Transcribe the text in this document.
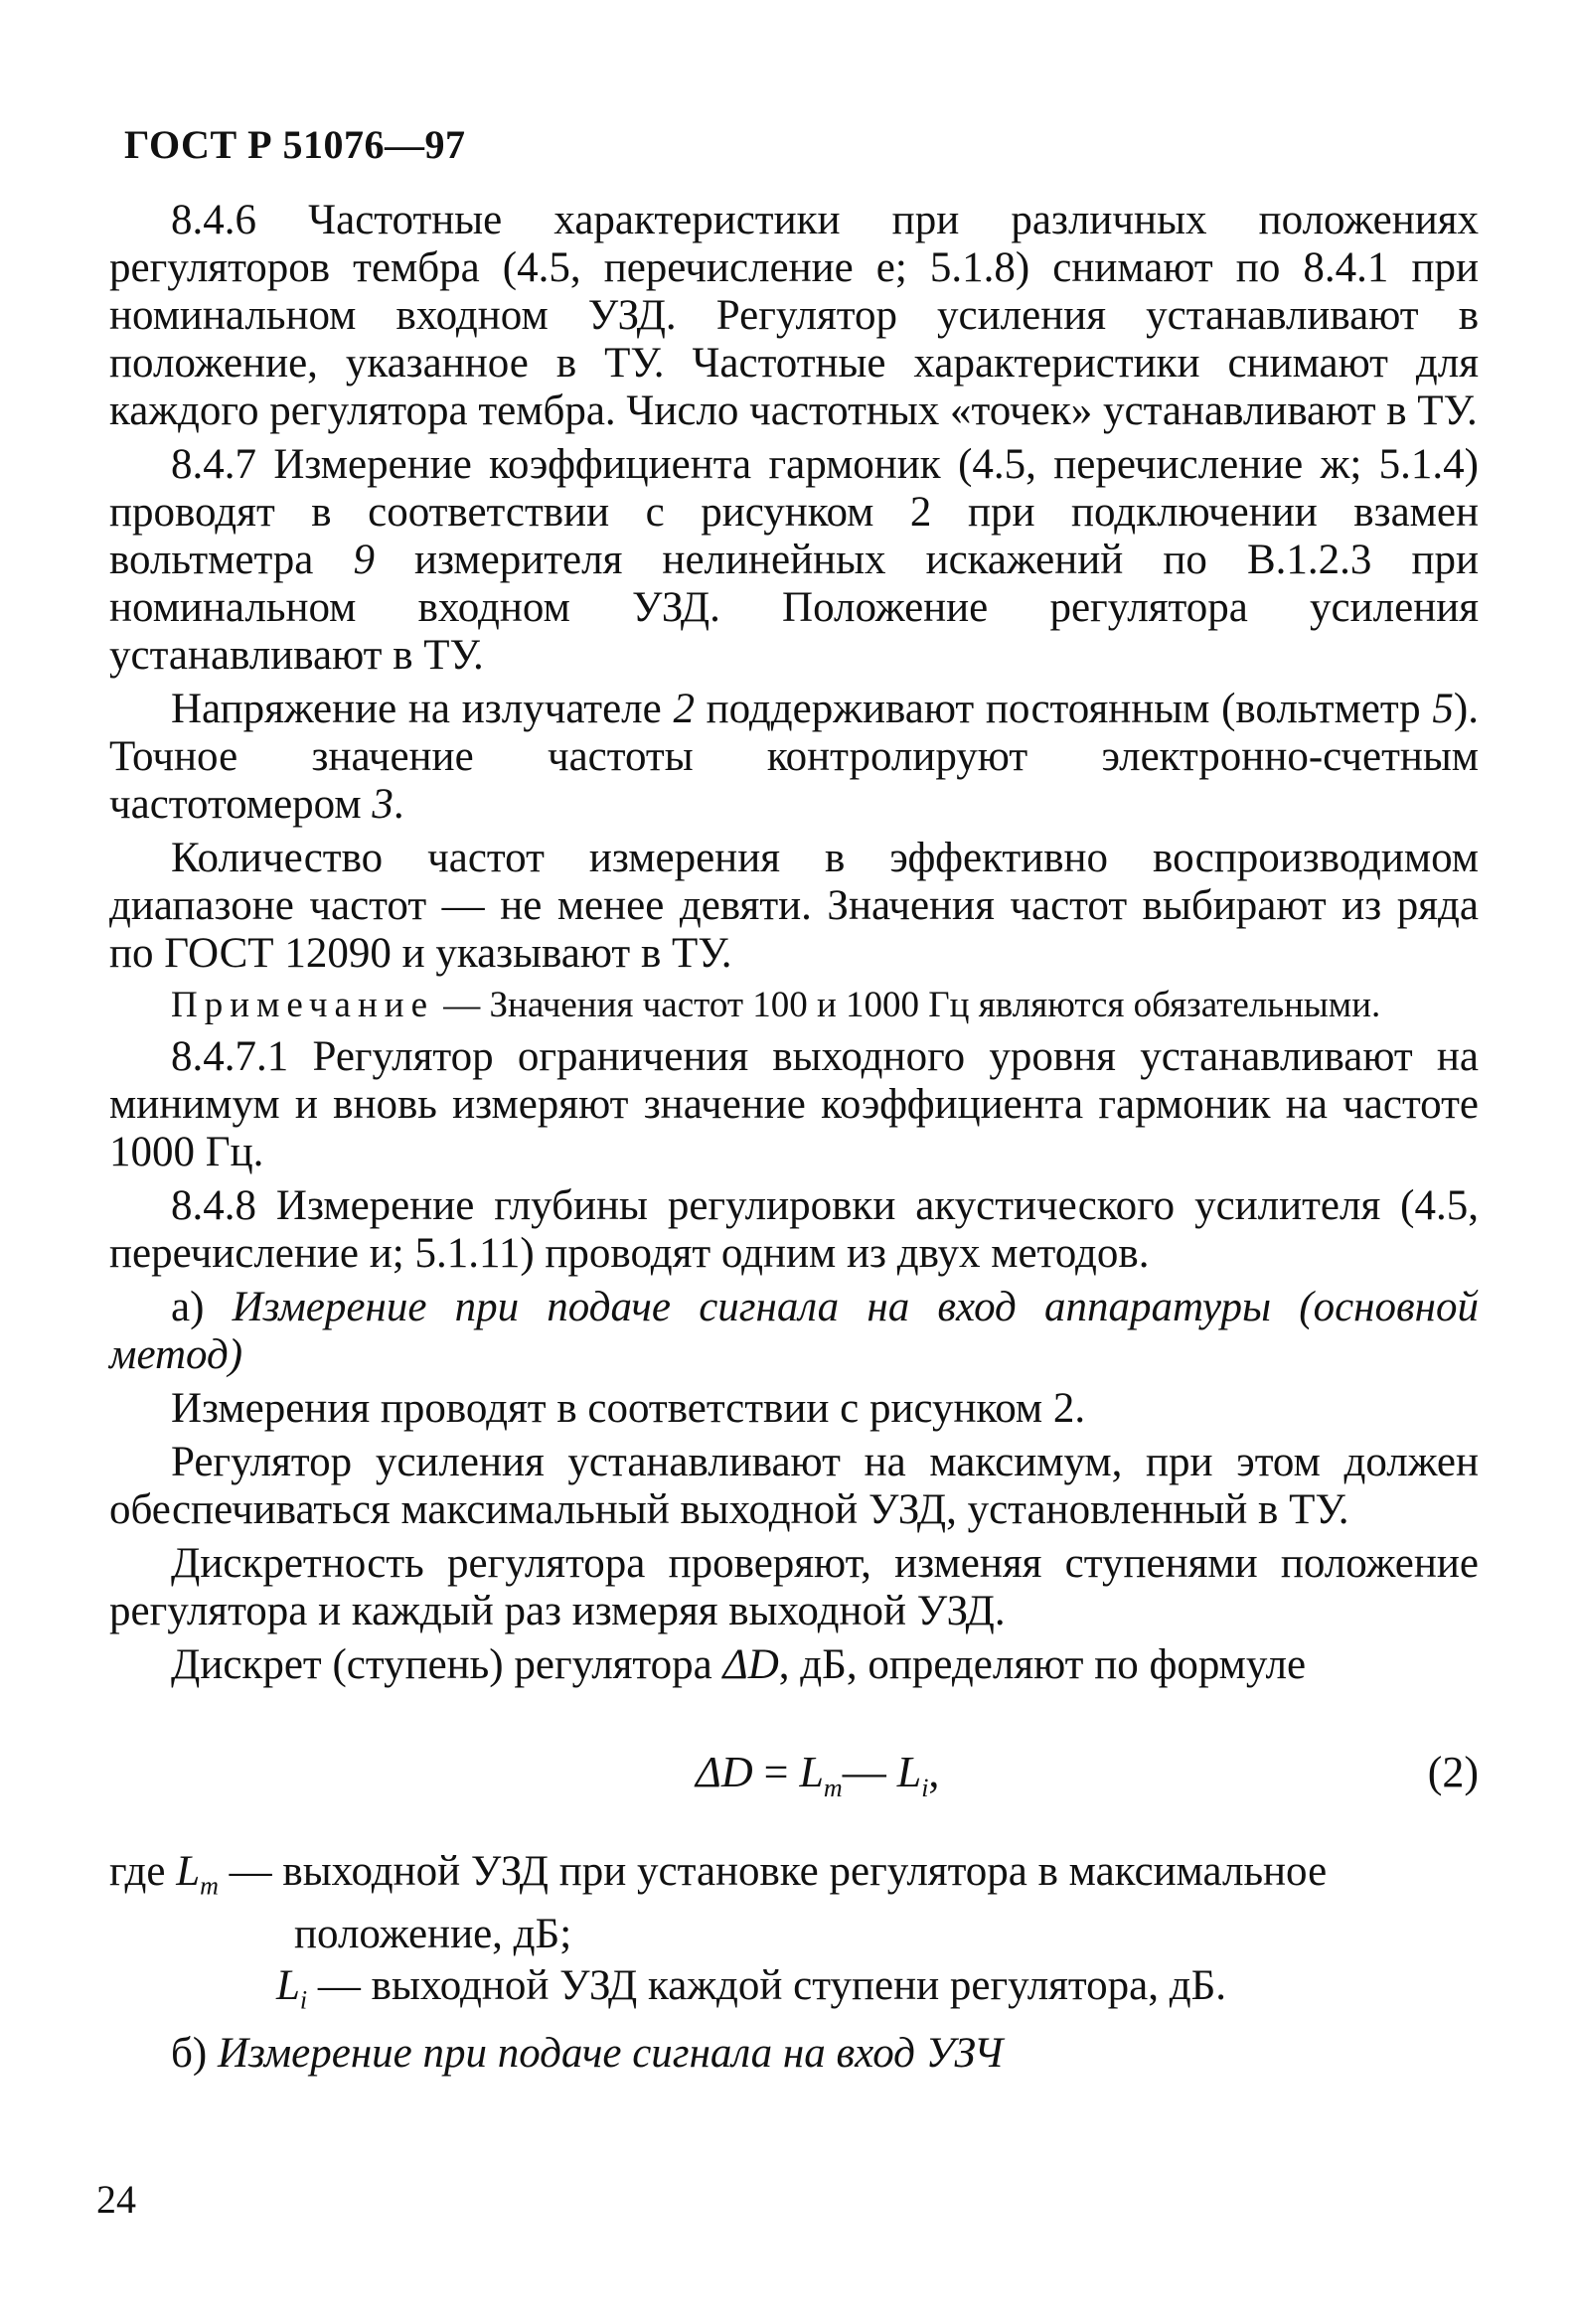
ГОСТ Р 51076—97

8.4.6 Частотные характеристики при различных положениях регуляторов тембра (4.5, перечисление е; 5.1.8) снимают по 8.4.1 при номинальном входном УЗД. Регулятор усиления устанавливают в положение, указанное в ТУ. Частотные характеристики снимают для каждого регулятора тембра. Число частотных «точек» устанавливают в ТУ.

8.4.7 Измерение коэффициента гармоник (4.5, перечисление ж; 5.1.4) проводят в соответствии с рисунком 2 при подключении взамен вольтметра 9 измерителя нелинейных искажений по В.1.2.3 при номинальном входном УЗД. Положение регулятора усиления устанавливают в ТУ.

Напряжение на излучателе 2 поддерживают постоянным (вольтметр 5). Точное значение частоты контролируют электронно-счетным частотомером 3.

Количество частот измерения в эффективно воспроизводимом диапазоне частот — не менее девяти. Значения частот выбирают из ряда по ГОСТ 12090 и указывают в ТУ.

Примечание — Значения частот 100 и 1000 Гц являются обязательными.

8.4.7.1 Регулятор ограничения выходного уровня устанавливают на минимум и вновь измеряют значение коэффициента гармоник на частоте 1000 Гц.

8.4.8 Измерение глубины регулировки акустического усилителя (4.5, перечисление и; 5.1.11) проводят одним из двух методов.

а) Измерение при подаче сигнала на вход аппаратуры (основной метод)

Измерения проводят в соответствии с рисунком 2.

Регулятор усиления устанавливают на максимум, при этом должен обеспечиваться максимальный выходной УЗД, установленный в ТУ.

Дискретность регулятора проверяют, изменяя ступенями положение регулятора и каждый раз измеряя выходной УЗД.

Дискрет (ступень) регулятора ΔD, дБ, определяют по формуле

$\Delta D = L_m—$ $L_i$,	(2)

где $L_m$ — выходной УЗД при установке регулятора в максимальное положение, дБ;

$L_i$ — выходной УЗД каждой ступени регулятора, дБ.

б) Измерение при подаче сигнала на вход УЗЧ

24
